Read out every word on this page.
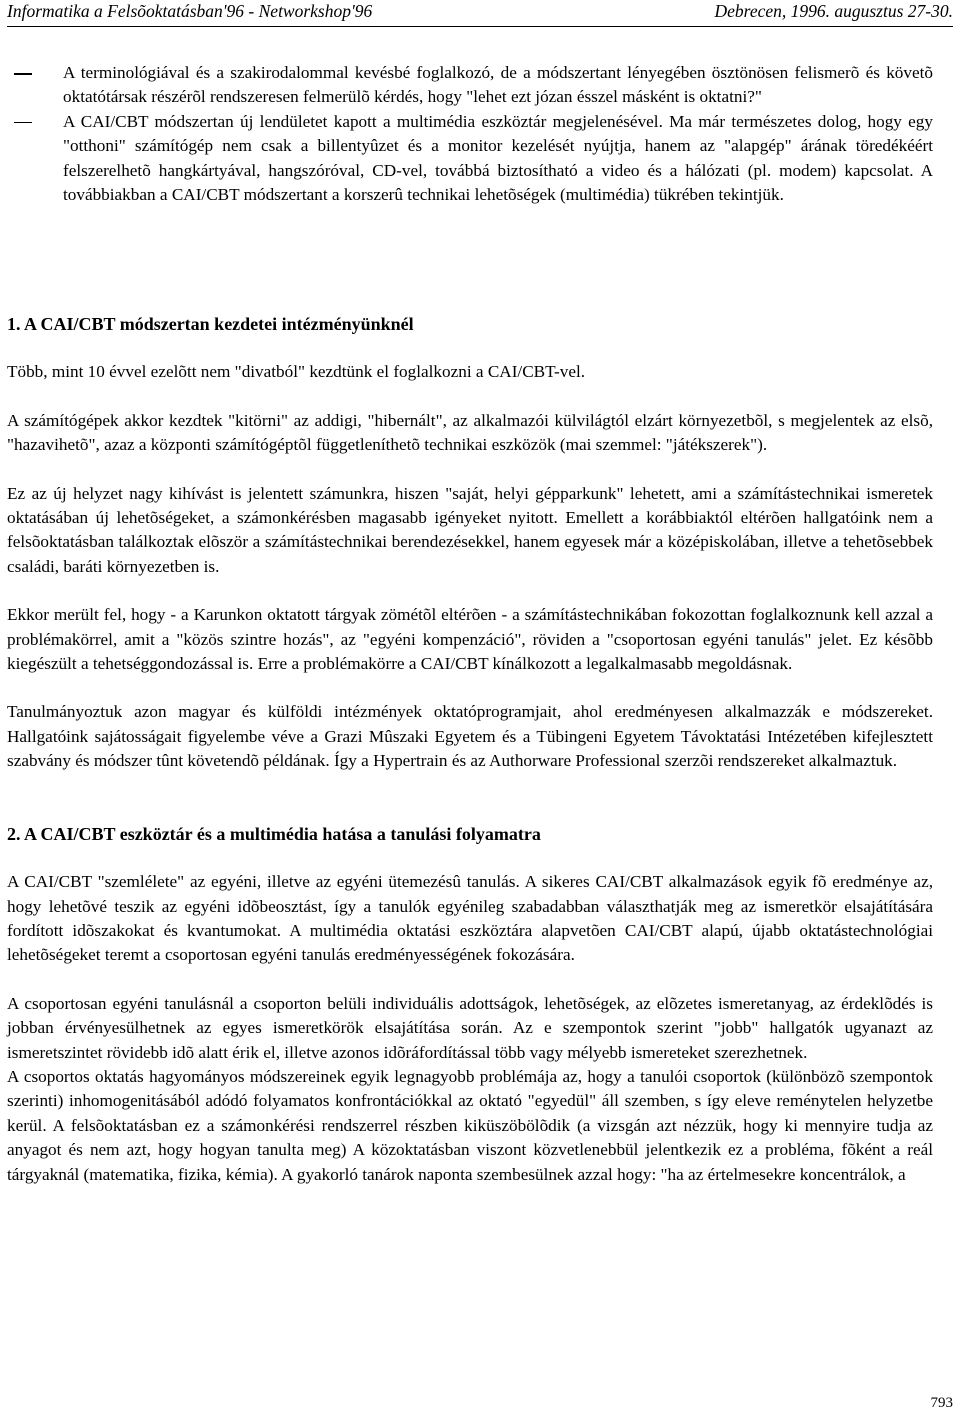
Informatika a Felsõoktatásban'96 - Networkshop'96	Debrecen, 1996. augusztus 27-30.

A terminológiával és a szakirodalommal kevésbé foglalkozó, de a módszertant lényegében ösztönösen felismerõ és követõ oktatótársak részérõl rendszeresen felmerülõ kérdés, hogy "lehet ezt józan ésszel másként is oktatni?"

A CAI/CBT módszertan új lendületet kapott a multimédia eszköztár megjelenésével. Ma már természetes dolog, hogy egy "otthoni" számítógép nem csak a billentyûzet és a monitor kezelését nyújtja, hanem az "alapgép" árának töredékéért felszerelhetõ hangkártyával, hangszóróval, CD-vel, továbbá biztosítható a video és a hálózati (pl. modem) kapcsolat. A továbbiakban a CAI/CBT módszertant a korszerû technikai lehetõségek (multimédia) tükrében tekintjük.

1. A CAI/CBT módszertan kezdetei intézményünknél

Több, mint 10 évvel ezelõtt nem "divatból" kezdtünk el foglalkozni a CAI/CBT-vel.

A számítógépek akkor kezdtek "kitörni" az addigi, "hibernált", az alkalmazói külvilágtól elzárt környezetbõl, s megjelentek az elsõ, "hazavihetõ", azaz a központi számítógéptõl függetleníthetõ technikai eszközök (mai szemmel: "játékszerek").

Ez az új helyzet nagy kihívást is jelentett számunkra, hiszen "saját, helyi gépparkunk" lehetett, ami a számítástechnikai ismeretek oktatásában új lehetõségeket, a számonkérésben magasabb igényeket nyitott. Emellett a korábbiaktól eltérõen hallgatóink nem a felsõoktatásban találkoztak elõször a számítástechnikai berendezésekkel, hanem egyesek már a középiskolában, illetve a tehetõsebbek családi, baráti környezetben is.

Ekkor merült fel, hogy - a Karunkon oktatott tárgyak zömétõl eltérõen - a számítástechnikában fokozottan foglalkoznunk kell azzal a problémakörrel, amit a "közös szintre hozás", az "egyéni kompenzáció", röviden a "csoportosan egyéni tanulás" jelet. Ez késõbb kiegészült a tehetséggondozással is. Erre a problémakörre a CAI/CBT kínálkozott a legalkalmasabb megoldásnak.

Tanulmányoztuk azon magyar és külföldi intézmények oktatóprogramjait, ahol eredményesen alkalmazzák e módszereket. Hallgatóink sajátosságait figyelembe véve a Grazi Mûszaki Egyetem és a Tübingeni Egyetem Távoktatási Intézetében kifejlesztett szabvány és módszer tûnt követendõ példának. Így a Hypertrain és az Authorware Professional szerzõi rendszereket alkalmaztuk.

2. A CAI/CBT eszköztár és a multimédia hatása a tanulási folyamatra

A CAI/CBT "szemlélete" az egyéni, illetve az egyéni ütemezésû tanulás. A sikeres CAI/CBT alkalmazások egyik fõ eredménye az, hogy lehetõvé teszik az egyéni idõbeosztást, így a tanulók egyénileg szabadabban választhatják meg az ismeretkör elsajátítására fordított idõszakokat és kvantumokat. A multimédia oktatási eszköztára alapvetõen CAI/CBT alapú, újabb oktatástechnológiai lehetõségeket teremt a csoportosan egyéni tanulás eredményességének fokozására.

A csoportosan egyéni tanulásnál a csoporton belüli individuális adottságok, lehetõségek, az elõzetes ismeretanyag, az érdeklõdés is jobban érvényesülhetnek az egyes ismeretkörök elsajátítása során. Az e szempontok szerint "jobb" hallgatók ugyanazt az ismeretszintet rövidebb idõ alatt érik el, illetve azonos idõráfordítással több vagy mélyebb ismereteket szerezhetnek.

A csoportos oktatás hagyományos módszereinek egyik legnagyobb problémája az, hogy a tanulói csoportok (különbözõ szempontok szerinti) inhomogenitásából adódó folyamatos konfrontációkkal az oktató "egyedül" áll szemben, s így eleve reménytelen helyzetbe kerül. A felsõoktatásban ez a számonkérési rendszerrel részben kiküszöbölõdik (a vizsgán azt nézzük, hogy ki mennyire tudja az anyagot és nem azt, hogy hogyan tanulta meg) A közoktatásban viszont közvetlenebbül jelentkezik ez a probléma, fõként a reál tárgyaknál (matematika, fizika, kémia). A gyakorló tanárok naponta szembesülnek azzal hogy: "ha az értelmesekre koncentrálok, a

793
